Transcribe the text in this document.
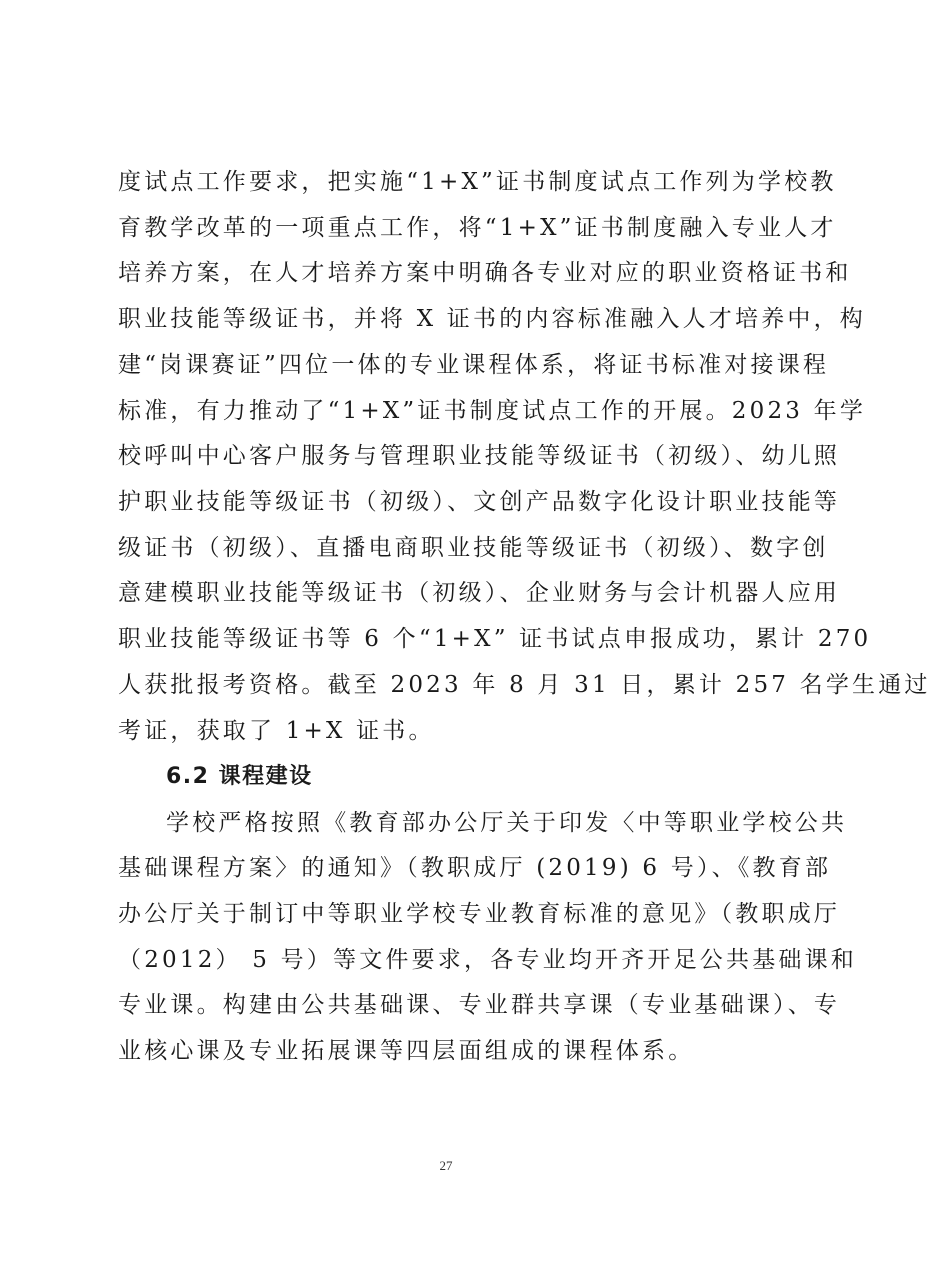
度试点工作要求，把实施“1+X”证书制度试点工作列为学校教
育教学改革的一项重点工作，将“1+X”证书制度融入专业人才
培养方案，在人才培养方案中明确各专业对应的职业资格证书和
职业技能等级证书，并将 X 证书的内容标准融入人才培养中，构
建“岗课赛证”四位一体的专业课程体系，将证书标准对接课程
标准，有力推动了“1+X”证书制度试点工作的开展。2023 年学
校呼叫中心客户服务与管理职业技能等级证书（初级）、幼儿照
护职业技能等级证书（初级）、文创产品数字化设计职业技能等
级证书（初级）、直播电商职业技能等级证书（初级）、数字创
意建模职业技能等级证书（初级）、企业财务与会计机器人应用
职业技能等级证书等 6 个“1+X” 证书试点申报成功，累计 270
人获批报考资格。截至 2023 年 8 月 31 日，累计 257 名学生通过
考证，获取了 1+X 证书。
6.2 课程建设
学校严格按照《教育部办公厅关于印发〈中等职业学校公共
基础课程方案〉的通知》（教职成厅 (2019) 6 号）、《教育部
办公厅关于制订中等职业学校专业教育标准的意见》（教职成厅
（2012） 5 号）等文件要求，各专业均开齐开足公共基础课和
专业课。构建由公共基础课、专业群共享课（专业基础课）、专
业核心课及专业拓展课等四层面组成的课程体系。
27
